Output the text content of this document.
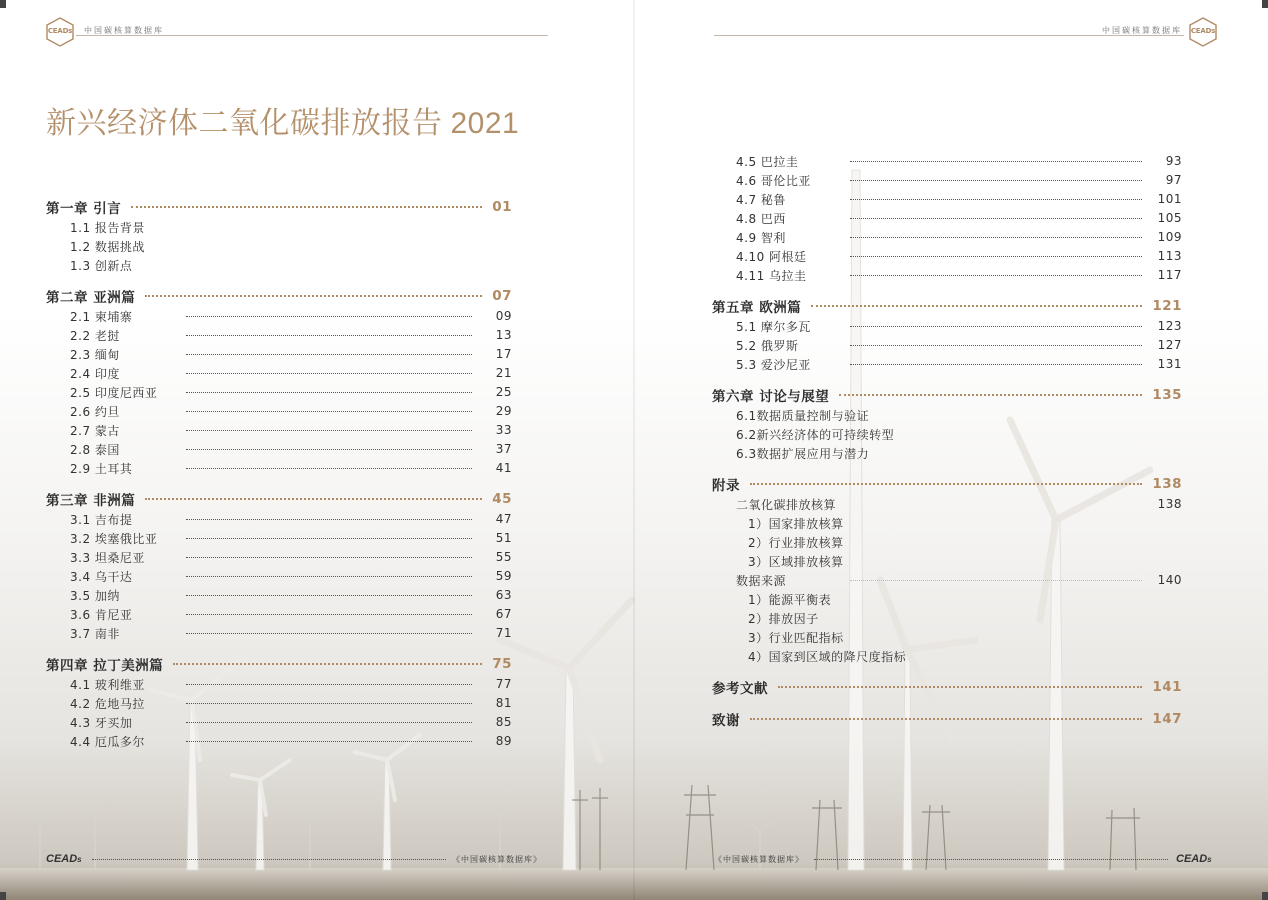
CEADs 中国碳核算数据库
新兴经济体二氧化碳排放报告 2021
第一章 引言	01
1.1 报告背景
1.2 数据挑战
1.3 创新点
第二章 亚洲篇	07
2.1 柬埔寨	09
2.2 老挝	13
2.3 缅甸	17
2.4 印度	21
2.5 印度尼西亚	25
2.6 约旦	29
2.7 蒙古	33
2.8 泰国	37
2.9 土耳其	41
第三章 非洲篇	45
3.1 吉布提	47
3.2 埃塞俄比亚	51
3.3 坦桑尼亚	55
3.4 乌干达	59
3.5 加纳	63
3.6 肯尼亚	67
3.7 南非	71
第四章 拉丁美洲篇	75
4.1 玻利维亚	77
4.2 危地马拉	81
4.3 牙买加	85
4.4 厄瓜多尔	89
CEADs	《中国碳核算数据库》
中国碳核算数据库 CEADs
4.5 巴拉圭	93
4.6 哥伦比亚	97
4.7 秘鲁	101
4.8 巴西	105
4.9 智利	109
4.10 阿根廷	113
4.11 乌拉圭	117
第五章 欧洲篇	121
5.1 摩尔多瓦	123
5.2 俄罗斯	127
5.3 爱沙尼亚	131
第六章 讨论与展望	135
6.1数据质量控制与验证
6.2新兴经济体的可持续转型
6.3数据扩展应用与潜力
附录	138
二氧化碳排放核算	138
1）国家排放核算
2）行业排放核算
3）区域排放核算
数据来源	140
1）能源平衡表
2）排放因子
3）行业匹配指标
4）国家到区域的降尺度指标
参考文献	141
致谢	147
《中国碳核算数据库》	CEADs
